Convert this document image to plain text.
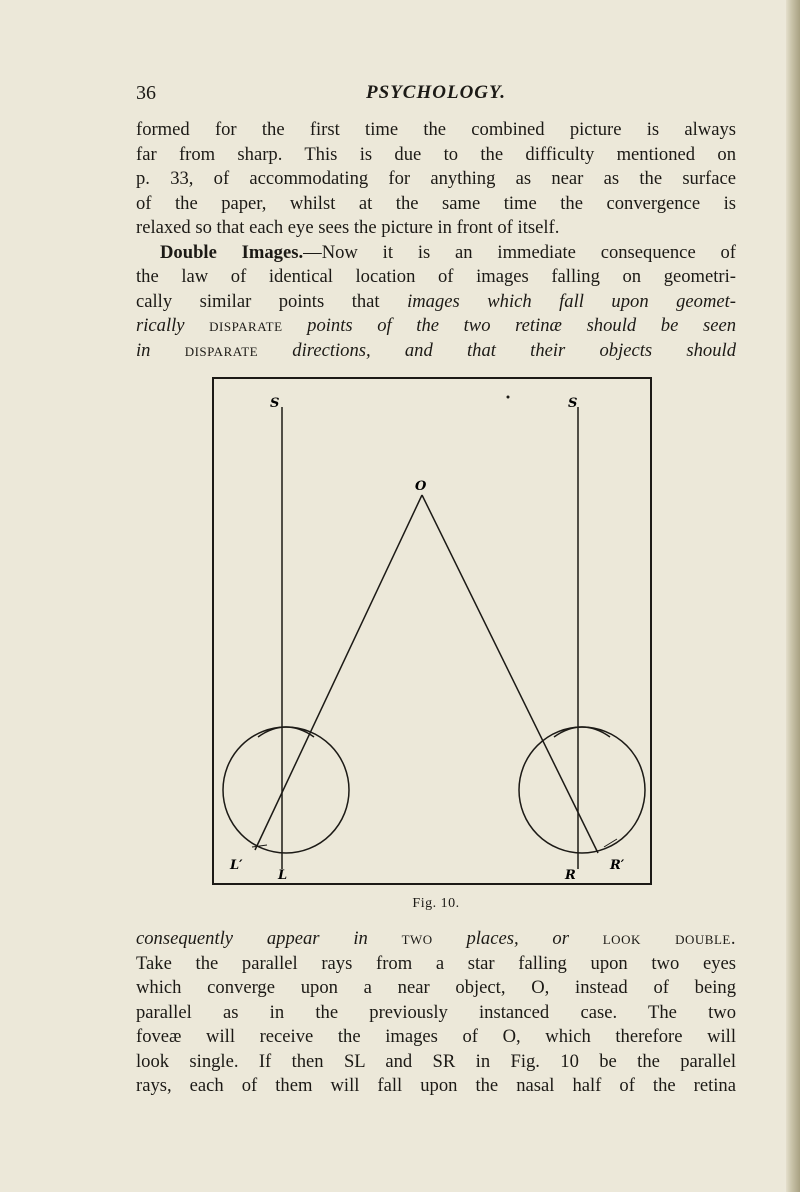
36	PSYCHOLOGY.
formed for the first time the combined picture is always
far from sharp. This is due to the difficulty mentioned on
p. 33, of accommodating for anything as near as the surface
of the paper, whilst at the same time the convergence is
relaxed so that each eye sees the picture in front of itself.
Double Images.—Now it is an immediate consequence of
the law of identical location of images falling on geometri-
cally similar points that images which fall upon geomet-
rically disparate points of the two retinæ should be seen
in disparate directions, and that their objects should
S	S
O
L′
L	R
R′
Fig. 10.
consequently appear in two places, or look double.
Take the parallel rays from a star falling upon two eyes
which converge upon a near object, O, instead of being
parallel as in the previously instanced case. The two
foveæ will receive the images of O, which therefore will
look single. If then SL and SR in Fig. 10 be the parallel
rays, each of them will fall upon the nasal half of the retina
